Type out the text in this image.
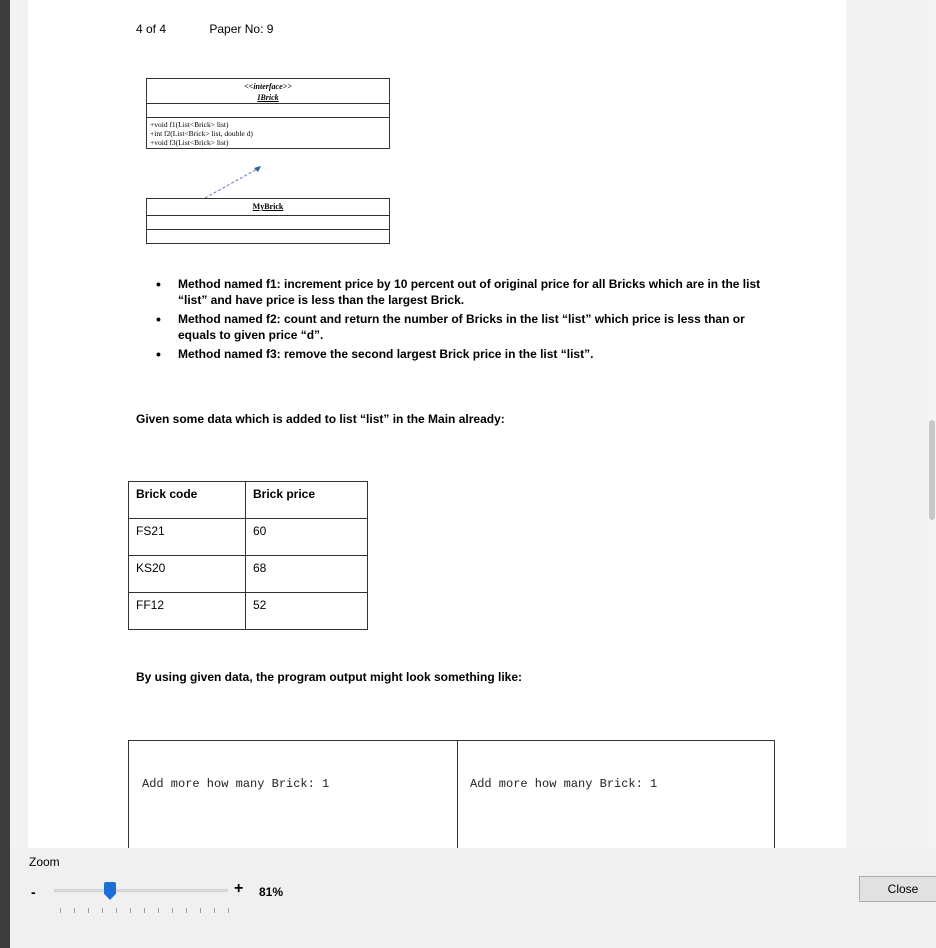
4 of 4	Paper No: 9
<<interface>>
IBrick
+void f1(List<Brick> list)
+int f2(List<Brick> list, double d)
+void f3(List<Brick> list)
MyBrick
• Method named f1: increment price by 10 percent out of original price for all Bricks which are in the list “list” and have price is less than the largest Brick.
• Method named f2: count and return the number of Bricks in the list “list” which price is less than or equals to given price “d”.
• Method named f3: remove the second largest Brick price in the list “list”.
Given some data which is added to list “list” in the Main already:
Brick code	Brick price
FS21	60
KS20	68
FF12	52
By using given data, the program output might look something like:

Add more how many Brick: 1

	Add more how many Brick: 1

Zoom
-	+ 81%	Close
